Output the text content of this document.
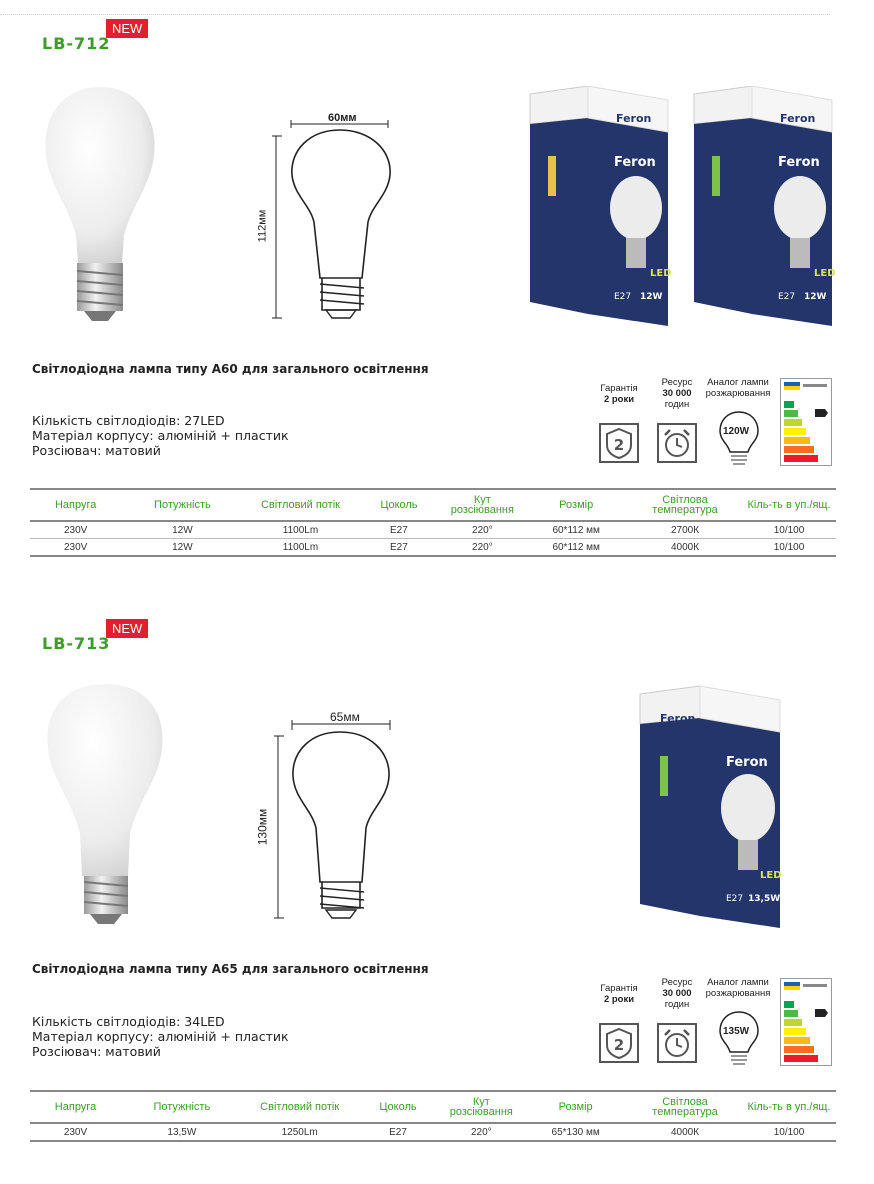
NEW
LB-712
60мм
112мм
Feron
Feron
E27 12W
LED
Feron
Feron
E27 12W
LED
Світлодіодна лампа типу А60 для загального освітлення
Кількість світлодіодів: 27LED
Матеріал корпусу: алюміній + пластик
Розсіювач: матовий
Гарантія
2 роки
Ресурс
30 000
годин
Аналог лампи розжарювання
2
120W
Напруга	Потужність	Світловий потік	Цоколь	Кут розсіювання	Розмір	Світлова температура	Кіль-ть в уп./ящ.
230V	12W	1100Lm	E27	220°	60*112 мм	2700К	10/100
230V	12W	1100Lm	E27	220°	60*112 мм	4000К	10/100
NEW
LB-713
65мм
130мм
Feron
Feron
E27 13,5W
LED
Світлодіодна лампа типу А65 для загального освітлення
Кількість світлодіодів: 34LED
Матеріал корпусу: алюміній + пластик
Розсіювач: матовий
Гарантія
2 роки
Ресурс
30 000
годин
Аналог лампи розжарювання
2
135W
Напруга	Потужність	Світловий потік	Цоколь	Кут розсіювання	Розмір	Світлова температура	Кіль-ть в уп./ящ.
230V	13,5W	1250Lm	E27	220°	65*130 мм	4000К	10/100
